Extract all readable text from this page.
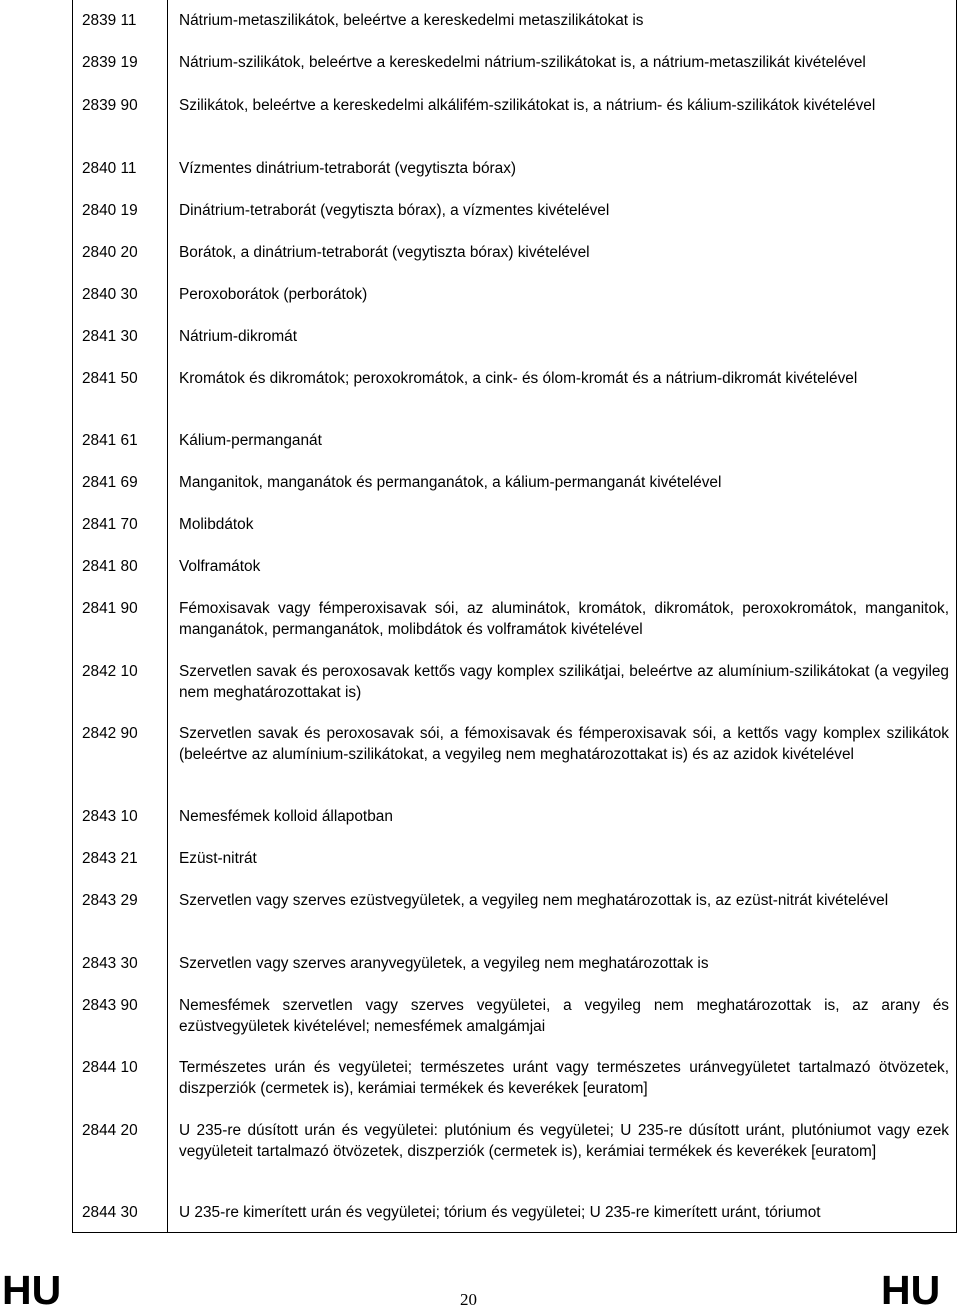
2839 11	Nátrium-metaszilikátok, beleértve a kereskedelmi metaszilikátokat is
2839 19	Nátrium-szilikátok, beleértve a kereskedelmi nátrium-szilikátokat is, a nátrium-metaszilikát kivételével
2839 90	Szilikátok, beleértve a kereskedelmi alkálifém-szilikátokat is, a nátrium- és kálium-szilikátok kivételével
2840 11	Vízmentes dinátrium-tetraborát (vegytiszta bórax)
2840 19	Dinátrium-tetraborát (vegytiszta bórax), a vízmentes kivételével
2840 20	Borátok, a dinátrium-tetraborát (vegytiszta bórax) kivételével
2840 30	Peroxoborátok (perborátok)
2841 30	Nátrium-dikromát
2841 50	Kromátok és dikromátok; peroxokromátok, a cink- és ólom-kromát és a nátrium-dikromát kivételével
2841 61	Kálium-permanganát
2841 69	Manganitok, manganátok és permanganátok, a kálium-permanganát kivételével
2841 70	Molibdátok
2841 80	Volframátok
2841 90	Fémoxisavak vagy fémperoxisavak sói, az aluminátok, kromátok, dikromátok, peroxokromátok, manganitok, manganátok, permanganátok, molibdátok és volframátok kivételével
2842 10	Szervetlen savak és peroxosavak kettős vagy komplex szilikátjai, beleértve az alumínium-szilikátokat (a vegyileg nem meghatározottakat is)
2842 90	Szervetlen savak és peroxosavak sói, a fémoxisavak és fémperoxisavak sói, a kettős vagy komplex szilikátok (beleértve az alumínium-szilikátokat, a vegyileg nem meghatározottakat is) és az azidok kivételével
2843 10	Nemesfémek kolloid állapotban
2843 21	Ezüst-nitrát
2843 29	Szervetlen vagy szerves ezüstvegyületek, a vegyileg nem meghatározottak is, az ezüst-nitrát kivételével
2843 30	Szervetlen vagy szerves aranyvegyületek, a vegyileg nem meghatározottak is
2843 90	Nemesfémek szervetlen vagy szerves vegyületei, a vegyileg nem meghatározottak is, az arany és ezüstvegyületek kivételével; nemesfémek amalgámjai
2844 10	Természetes urán és vegyületei; természetes uránt vagy természetes uránvegyületet tartalmazó ötvözetek, diszperziók (cermetek is), kerámiai termékek és keverékek [euratom]
2844 20	U 235-re dúsított urán és vegyületei: plutónium és vegyületei; U 235-re dúsított uránt, plutóniumot vagy ezek vegyületeit tartalmazó ötvözetek, diszperziók (cermetek is), kerámiai termékek és keverékek [euratom]
2844 30	U 235-re kimerített urán és vegyületei; tórium és vegyületei; U 235-re kimerített uránt, tóriumot
HU	20	HU
